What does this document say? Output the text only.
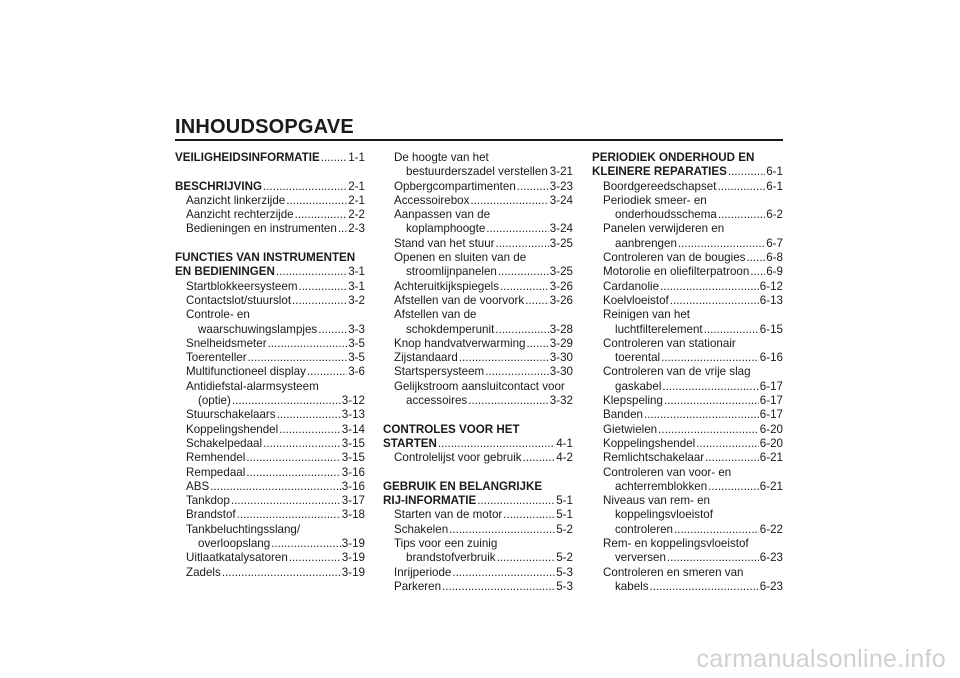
INHOUDSOPGAVE
VEILIGHEIDSINFORMATIE ..... 1-1
BESCHRIJVING .....	2-1
Aanzicht linkerzijde .....	2-1
Aanzicht rechterzijde .....	2-2
Bedieningen en instrumenten ..... 2-3
FUNCTIES VAN INSTRUMENTEN
EN BEDIENINGEN .....	3-1
Startblokkeersysteem .....	3-1
Contactslot/stuurslot .....	3-2
Controle- en
waarschuwingslampjes .....	3-3
Snelheidsmeter .....	3-5
Toerenteller .....	3-5
Multifunctioneel display .....	3-6
Antidiefstal-alarmsysteem
(optie) .....	3-12
Stuurschakelaars .....	3-13
Koppelingshendel .....	3-14
Schakelpedaal .....	3-15
Remhendel .....	3-15
Rempedaal .....	3-16
ABS .....	3-16
Tankdop .....	3-17
Brandstof .....	3-18
Tankbeluchtingsslang/
overloopslang .....	3-19
Uitlaatkatalysatoren .....	3-19
Zadels .....	3-19
De hoogte van het
bestuurderszadel verstellen 3-21
Opbergcompartimenten .....	3-23
Accessoirebox .....	3-24
Aanpassen van de
koplamphoogte .....	3-24
Stand van het stuur .....	3-25
Openen en sluiten van de
stroomlijnpanelen .....	3-25
Achteruitkijkspiegels .....	3-26
Afstellen van de voorvork ..... 3-26
Afstellen van de
schokdemperunit .....	3-28
Knop handvatverwarming ..... 3-29
Zijstandaard .....	3-30
Startspersysteem .....	3-30
Gelijkstroom aansluitcontact voor
accessoires .....	3-32
CONTROLES VOOR HET
STARTEN .....	4-1
Controlelijst voor gebruik .....	4-2
GEBRUIK EN BELANGRIJKE
RIJ-INFORMATIE .....	5-1
Starten van de motor .....	5-1
Schakelen .....	5-2
Tips voor een zuinig
brandstofverbruik .....	5-2
Inrijperiode .....	5-3
Parkeren .....	5-3
PERIODIEK ONDERHOUD EN
KLEINERE REPARATIES .....	6-1
Boordgereedschapset .....	6-1
Periodiek smeer- en
onderhoudsschema .....	6-2
Panelen verwijderen en
aanbrengen .....	6-7
Controleren van de bougies ..... 6-8
Motorolie en oliefilterpatroon ..... 6-9
Cardanolie .....	6-12
Koelvloeistof .....	6-13
Reinigen van het
luchtfilterelement .....	6-15
Controleren van stationair
toerental .....	6-16
Controleren van de vrije slag
gaskabel .....	6-17
Klepspeling .....	6-17
Banden .....	6-17
Gietwielen .....	6-20
Koppelingshendel .....	6-20
Remlichtschakelaar .....	6-21
Controleren van voor- en
achterremblokken .....	6-21
Niveaus van rem- en
koppelingsvloeistof
controleren .....	6-22
Rem- en koppelingsvloeistof
verversen .....	6-23
Controleren en smeren van
kabels .....	6-23
carmanualsonline.info
